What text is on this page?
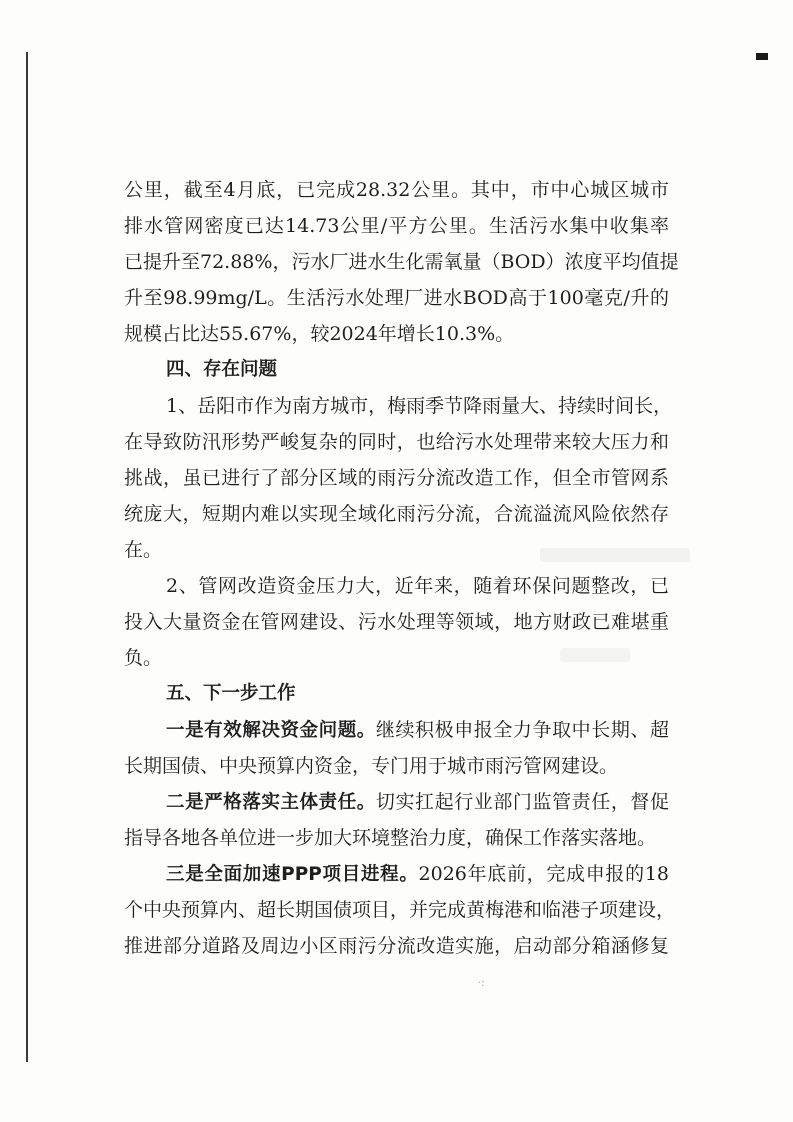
公里，截至4月底，已完成28.32公里。其中，市中心城区城市
排水管网密度已达14.73公里/平方公里。生活污水集中收集率
已提升至72.88%，污水厂进水生化需氧量（BOD）浓度平均值提
升至98.99mg/L。生活污水处理厂进水BOD高于100毫克/升的
规模占比达55.67%，较2024年增长10.3%。
四、存在问题
1、岳阳市作为南方城市，梅雨季节降雨量大、持续时间长，
在导致防汛形势严峻复杂的同时，也给污水处理带来较大压力和
挑战，虽已进行了部分区域的雨污分流改造工作，但全市管网系
统庞大，短期内难以实现全域化雨污分流，合流溢流风险依然存
在。
2、管网改造资金压力大，近年来，随着环保问题整改，已
投入大量资金在管网建设、污水处理等领域，地方财政已难堪重
负。
五、下一步工作
一是有效解决资金问题。继续积极申报全力争取中长期、超
长期国债、中央预算内资金，专门用于城市雨污管网建设。
二是严格落实主体责任。切实扛起行业部门监管责任，督促
指导各地各单位进一步加大环境整治力度，确保工作落实落地。
三是全面加速PPP项目进程。2026年底前，完成申报的18
个中央预算内、超长期国债项目，并完成黄梅港和临港子项建设，
推进部分道路及周边小区雨污分流改造实施，启动部分箱涵修复
·:
